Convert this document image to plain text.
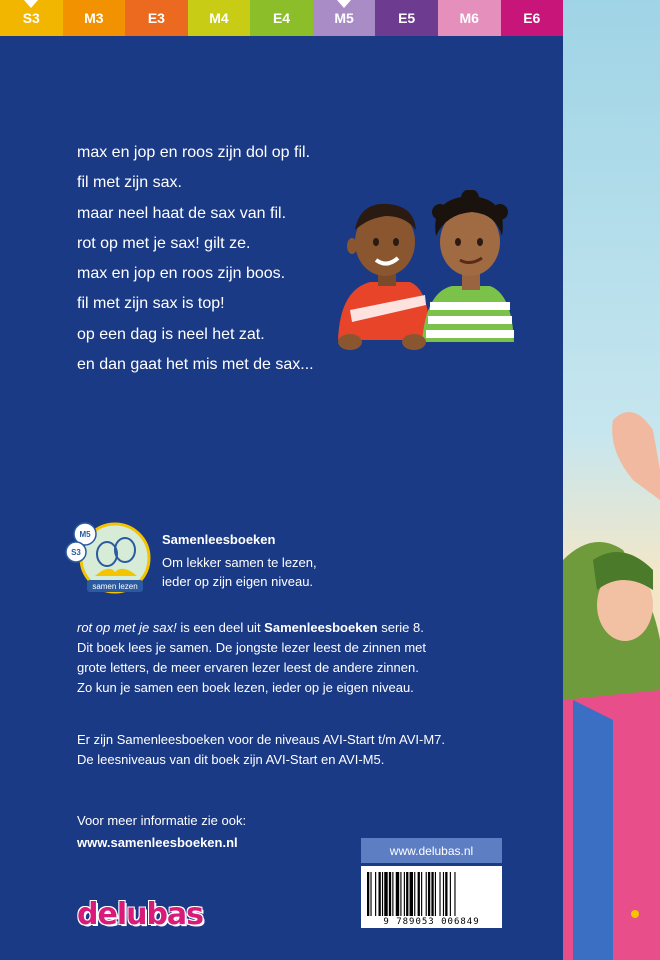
S3	M3	E3	M4	E4	M5	E5	M6	E6
max en jop en roos zijn dol op fil.
fil met zijn sax.
maar neel haat de sax van fil.
rot op met je sax! gilt ze.
max en jop en roos zijn boos.
fil met zijn sax is top!
op een dag is neel het zat.
en dan gaat het mis met de sax...
samen lezen
M5
S3
Samenleesboeken
Om lekker samen te lezen,
ieder op zijn eigen niveau.
rot op met je sax! is een deel uit Samenleesboeken serie 8.
Dit boek lees je samen. De jongste lezer leest de zinnen met
grote letters, de meer ervaren lezer leest de andere zinnen.
Zo kun je samen een boek lezen, ieder op je eigen niveau.
Er zijn Samenleesboeken voor de niveaus AVI-Start t/m AVI-M7.
De leesniveaus van dit boek zijn AVI-Start en AVI-M5.
Voor meer informatie zie ook:
www.samenleesboeken.nl
delubas
www.delubas.nl
9 789053 006849
